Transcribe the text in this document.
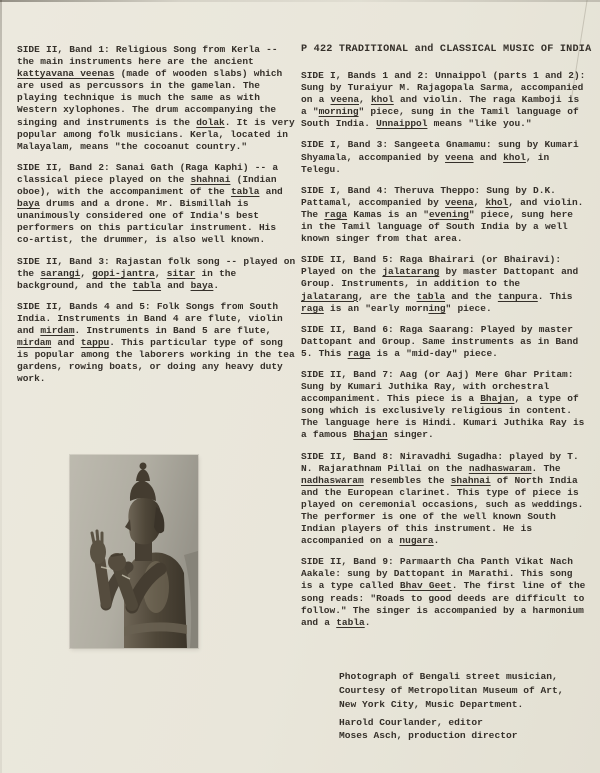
SIDE II, Band 1: Religious Song from Kerla -- the main instruments here are the ancient kattyavana veenas (made of wooden slabs) which are used as percussors in the gamelan. The playing technique is much the same as with Western xylophones. The drum accompanying the singing and instruments is the dolak. It is very popular among folk musicians. Kerla, located in Malayalam, means "the cocoanut country."

SIDE II, Band 2: Sanai Gath (Raga Kaphi) -- a classical piece played on the shahnai (Indian oboe), with the accompaniment of the tabla and baya drums and a drone. Mr. Bismillah is unanimously considered one of India's best performers on this particular instrument. His co-artist, the drummer, is also well known.

SIDE II, Band 3: Rajastan folk song -- played on the sarangi, gopi-jantra, sitar in the background, and the tabla and baya.

SIDE II, Bands 4 and 5: Folk Songs from South India. Instruments in Band 4 are flute, violin and mirdam. Instruments in Band 5 are flute, mirdam and tappu. This particular type of song is popular among the laborers working in the tea gardens, rowing boats, or doing any heavy duty work.

P 422 TRADITIONAL and CLASSICAL MUSIC OF INDIA

SIDE I, Bands 1 and 2: Unnaippol (parts 1 and 2): Sung by Turaiyur M. Rajagopala Sarma, accompanied on a veena, khol and violin. The raga Kamboji is a "morning" piece, sung in the Tamil language of South India. Unnaippol means "like you."

SIDE I, Band 3: Sangeeta Gnamamu: sung by Kumari Shyamala, accompanied by veena and khol, in Telegu.

SIDE I, Band 4: Theruva Theppo: Sung by D.K. Pattamal, accompanied by veena, khol, and violin. The raga Kamas is an "evening" piece, sung here in the Tamil language of South India by a well known singer from that area.

SIDE II, Band 5: Raga Bhairari (or Bhairavi): Played on the jalatarang by master Dattopant and Group. Instruments, in addition to the jalatarang, are the tabla and the tanpura. This raga is an "early morning" piece.

SIDE II, Band 6: Raga Saarang: Played by master Dattopant and Group. Same instruments as in Band 5. This raga is a "mid-day" piece.

SIDE II, Band 7: Aag (or Aaj) Mere Ghar Pritam: Sung by Kumari Juthika Ray, with orchestral accompaniment. This piece is a Bhajan, a type of song which is exclusively religious in content. The language here is Hindi. Kumari Juthika Ray is a famous Bhajan singer.

SIDE II, Band 8: Niravadhi Sugadha: played by T. N. Rajarathnam Pillai on the nadhaswaram. The nadhaswaram resembles the shahnai of North India and the European clarinet. This type of piece is played on ceremonial occasions, such as weddings. The performer is one of the well known South Indian players of this instrument. He is accompanied on a nugara.

SIDE II, Band 9: Parmaarth Cha Panth Vikat Nach Aakale: sung by Dattopant in Marathi. This song is a type called Bhav Geet. The first line of the song reads: "Roads to good deeds are difficult to follow." The singer is accompanied by a harmonium and a tabla.

Photograph of Bengali street musician,
Courtesy of Metropolitan Museum of Art,
New York City, Music Department.
Harold Courlander, editor
Moses Asch, production director
